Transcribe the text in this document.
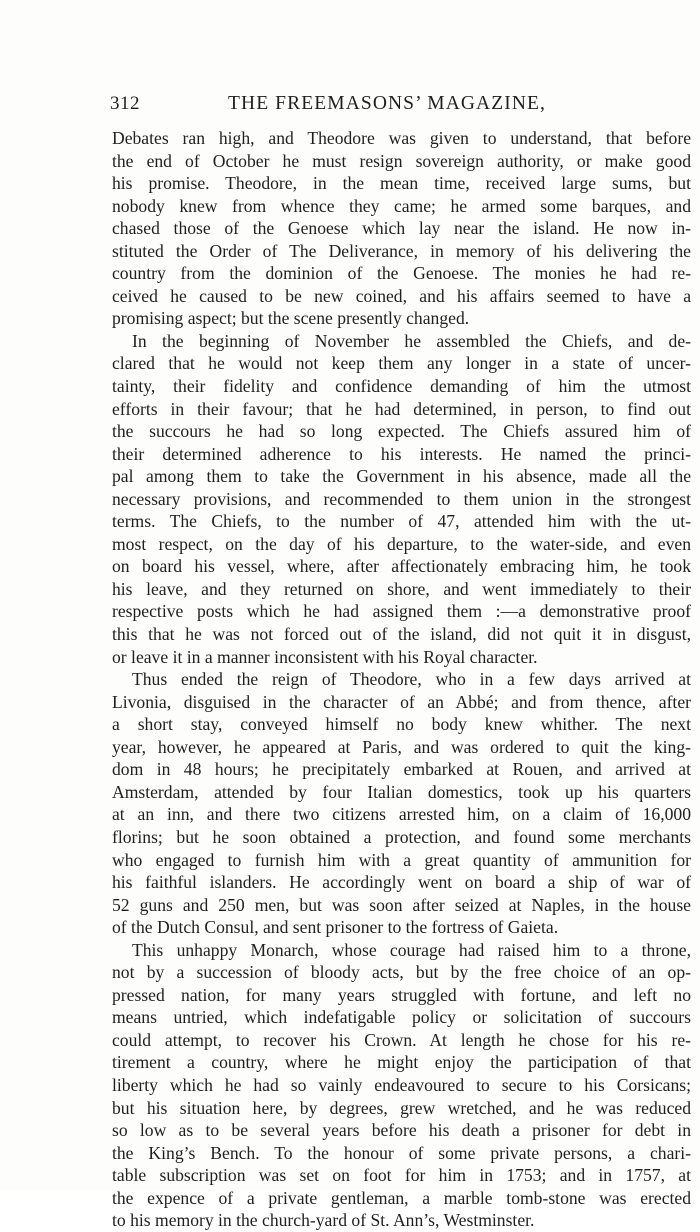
312	THE FREEMASONS’ MAGAZINE,
Debates ran high, and Theodore was given to understand, that before
the end of October he must resign sovereign authority, or make good
his promise. Theodore, in the mean time, received large sums, but
nobody knew from whence they came; he armed some barques, and
chased those of the Genoese which lay near the island. He now in-
stituted the Order of The Deliverance, in memory of his delivering the
country from the dominion of the Genoese. The monies he had re-
ceived he caused to be new coined, and his affairs seemed to have a
promising aspect; but the scene presently changed.
In the beginning of November he assembled the Chiefs, and de-
clared that he would not keep them any longer in a state of uncer-
tainty, their fidelity and confidence demanding of him the utmost
efforts in their favour; that he had determined, in person, to find out
the succours he had so long expected. The Chiefs assured him of
their determined adherence to his interests. He named the princi-
pal among them to take the Government in his absence, made all the
necessary provisions, and recommended to them union in the strongest
terms. The Chiefs, to the number of 47, attended him with the ut-
most respect, on the day of his departure, to the water-side, and even
on board his vessel, where, after affectionately embracing him, he took
his leave, and they returned on shore, and went immediately to their
respective posts which he had assigned them :—a demonstrative proof
this that he was not forced out of the island, did not quit it in disgust,
or leave it in a manner inconsistent with his Royal character.
Thus ended the reign of Theodore, who in a few days arrived at
Livonia, disguised in the character of an Abbé; and from thence, after
a short stay, conveyed himself no body knew whither. The next
year, however, he appeared at Paris, and was ordered to quit the king-
dom in 48 hours; he precipitately embarked at Rouen, and arrived at
Amsterdam, attended by four Italian domestics, took up his quarters
at an inn, and there two citizens arrested him, on a claim of 16,000
florins; but he soon obtained a protection, and found some merchants
who engaged to furnish him with a great quantity of ammunition for
his faithful islanders. He accordingly went on board a ship of war of
52 guns and 250 men, but was soon after seized at Naples, in the house
of the Dutch Consul, and sent prisoner to the fortress of Gaieta.
This unhappy Monarch, whose courage had raised him to a throne,
not by a succession of bloody acts, but by the free choice of an op-
pressed nation, for many years struggled with fortune, and left no
means untried, which indefatigable policy or solicitation of succours
could attempt, to recover his Crown. At length he chose for his re-
tirement a country, where he might enjoy the participation of that
liberty which he had so vainly endeavoured to secure to his Corsicans;
but his situation here, by degrees, grew wretched, and he was reduced
so low as to be several years before his death a prisoner for debt in
the King’s Bench. To the honour of some private persons, a chari-
table subscription was set on foot for him in 1753; and in 1757, at
the expence of a private gentleman, a marble tomb-stone was erected
to his memory in the church-yard of St. Ann’s, Westminster.
